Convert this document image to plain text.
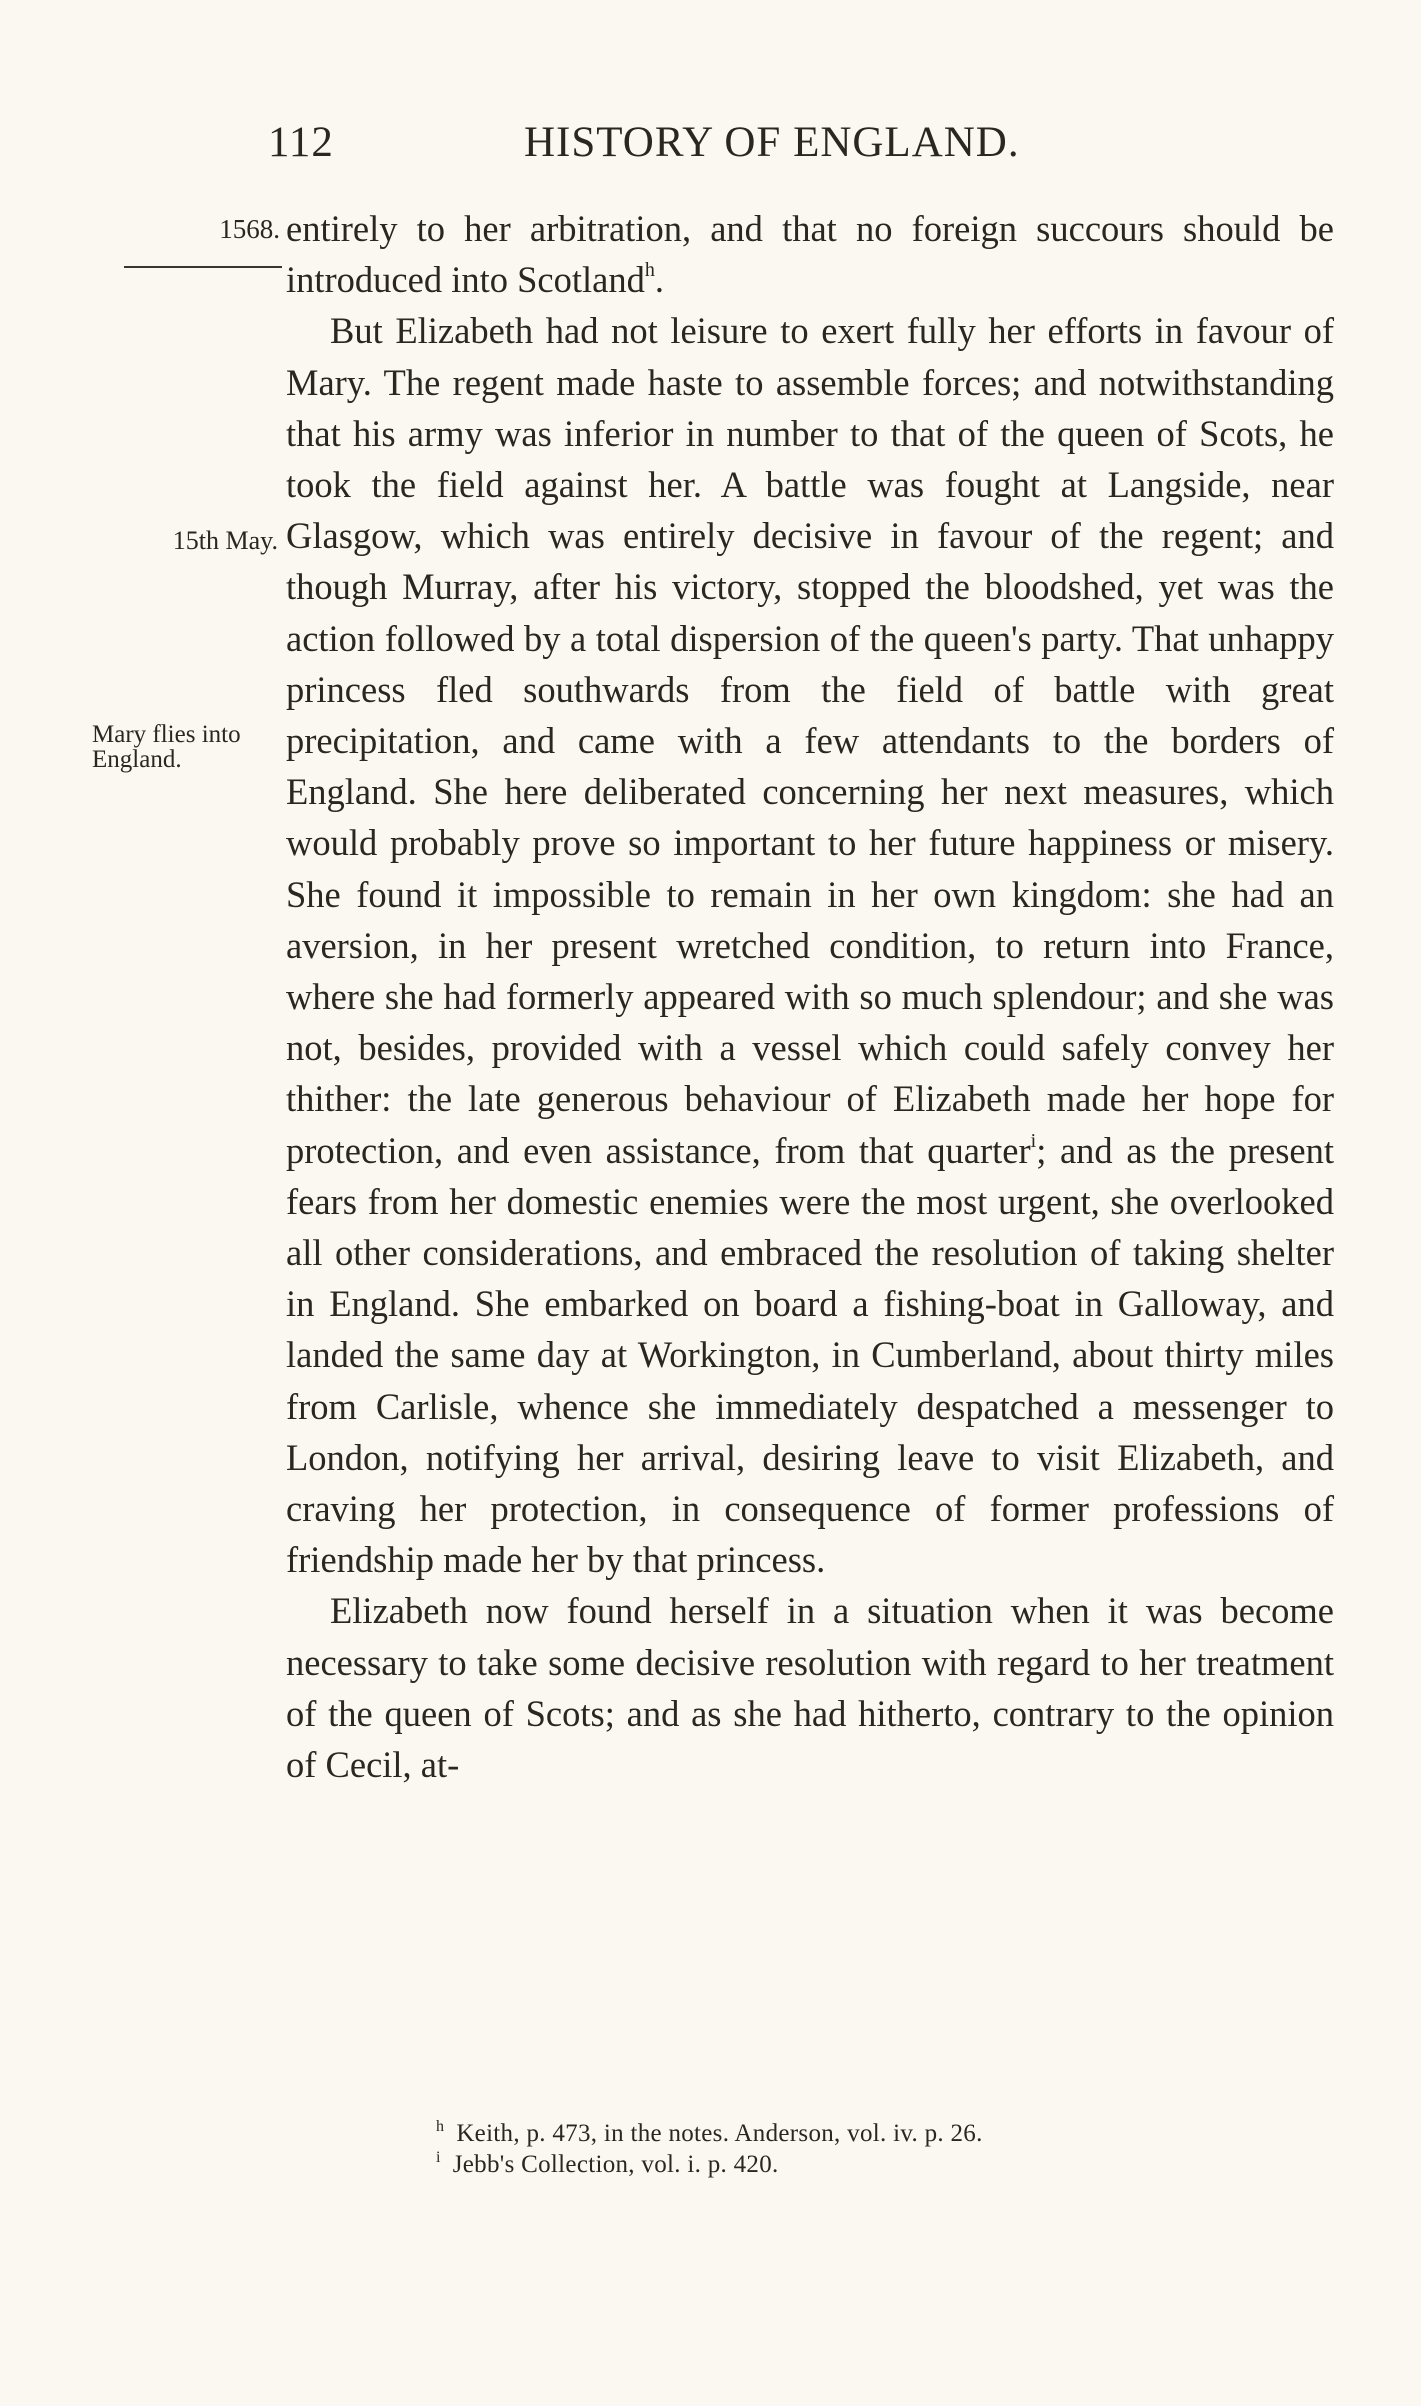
112	HISTORY OF ENGLAND.
1568.
15th May.
Mary flies into England.

entirely to her arbitration, and that no foreign succours should be introduced into Scotland$^h$.

But Elizabeth had not leisure to exert fully her efforts in favour of Mary. The regent made haste to assemble forces; and notwithstanding that his army was inferior in number to that of the queen of Scots, he took the field against her. A battle was fought at Langside, near Glasgow, which was entirely decisive in favour of the regent; and though Murray, after his victory, stopped the bloodshed, yet was the action followed by a total dispersion of the queen's party. That unhappy princess fled southwards from the field of battle with great precipitation, and came with a few attendants to the borders of England. She here deliberated concerning her next measures, which would probably prove so important to her future happiness or misery. She found it impossible to remain in her own kingdom: she had an aversion, in her present wretched condition, to return into France, where she had formerly appeared with so much splendour; and she was not, besides, provided with a vessel which could safely convey her thither: the late generous behaviour of Elizabeth made her hope for protection, and even assistance, from that quarter$^i$; and as the present fears from her domestic enemies were the most urgent, she overlooked all other considerations, and embraced the resolution of taking shelter in England. She embarked on board a fishing-boat in Galloway, and landed the same day at Workington, in Cumberland, about thirty miles from Carlisle, whence she immediately despatched a messenger to London, notifying her arrival, desiring leave to visit Elizabeth, and craving her protection, in consequence of former professions of friendship made her by that princess.

Elizabeth now found herself in a situation when it was become necessary to take some decisive resolution with regard to her treatment of the queen of Scots; and as she had hitherto, contrary to the opinion of Cecil, at-

$^h$ Keith, p. 473, in the notes. Anderson, vol. iv. p. 26.
$^i$ Jebb's Collection, vol. i. p. 420.
